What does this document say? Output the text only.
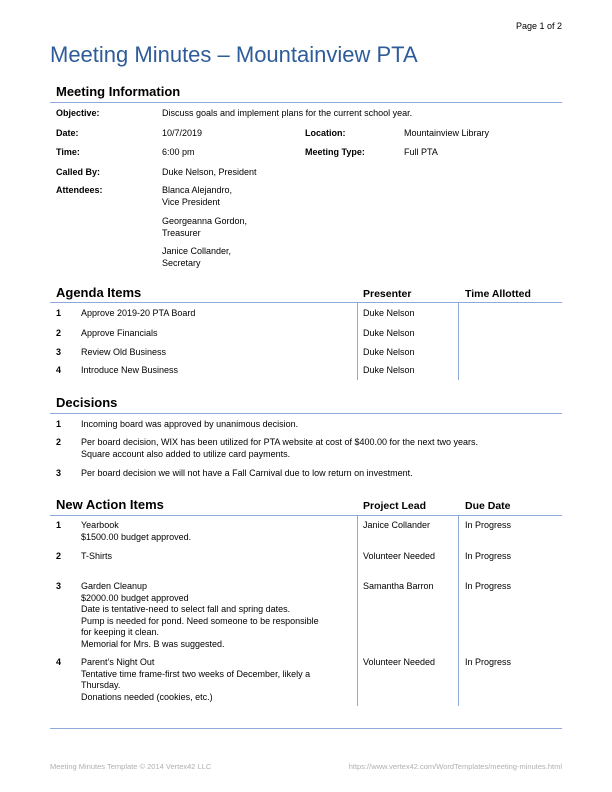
Page 1 of 2
Meeting Minutes – Mountainview PTA
Meeting Information
Objective:	Discuss goals and implement plans for the current school year.
Date:	10/7/2019	Location:	Mountainview Library
Time:	6:00 pm	Meeting Type:	Full PTA
Called By:	Duke Nelson, President
Attendees:	Blanca Alejandro,
Vice President
Georgeanna Gordon,
Treasurer
Janice Collander,
Secretary
Agenda Items	Presenter	Time Allotted
1 Approve 2019-20 PTA Board	Duke Nelson
2 Approve Financials	Duke Nelson
3 Review Old Business	Duke Nelson
4 Introduce New Business	Duke Nelson
Decisions
1 Incoming board was approved by unanimous decision.
2 Per board decision, WIX has been utilized for PTA website at cost of $400.00 for the next two years.
Square account also added to utilize card payments.
3 Per board decision we will not have a Fall Carnival due to low return on investment.
New Action Items	Project Lead	Due Date
1 Yearbook
$1500.00 budget approved.
Janice Collander	In Progress
2 T-Shirts	Volunteer Needed	In Progress
3 Garden Cleanup
$2000.00 budget approved
Date is tentative-need to select fall and spring dates.
Pump is needed for pond. Need someone to be responsible
for keeping it clean.
Memorial for Mrs. B was suggested.
Samantha Barron	In Progress
4 Parent’s Night Out
Tentative time frame-first two weeks of December, likely a
Thursday.
Donations needed (cookies, etc.)
Volunteer Needed	In Progress
Meeting Minutes Template © 2014 Vertex42 LLC	https://www.vertex42.com/WordTemplates/meeting-minutes.html
